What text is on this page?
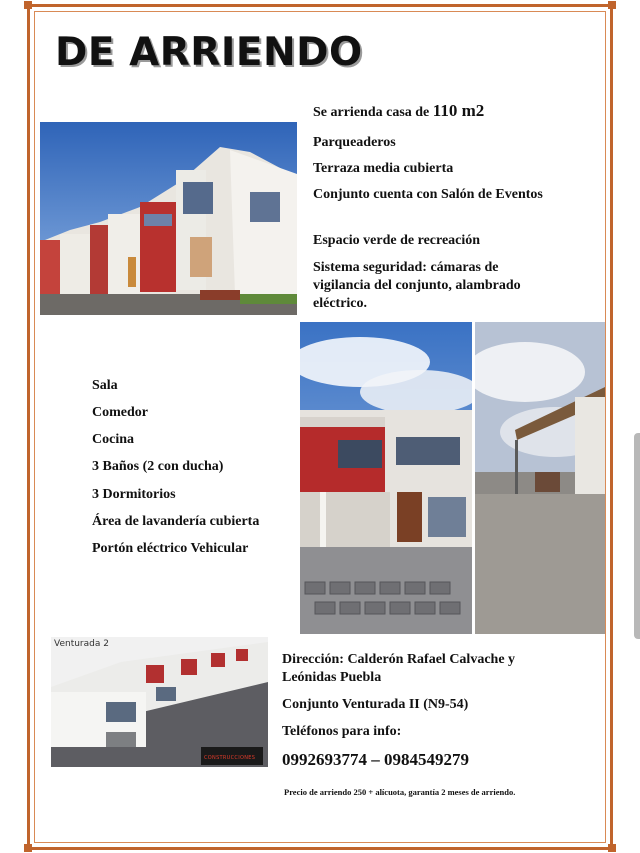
DE ARRIENDO

Se arrienda casa de 110 m2

Parqueaderos

Terraza media cubierta

Conjunto cuenta con Salón de Eventos

Espacio verde de recreación

Sistema seguridad: cámaras de vigilancia del conjunto, alambrado eléctrico.

Sala

Comedor

Cocina

3 Baños (2 con ducha)

3 Dormitorios

Área de lavandería cubierta

Portón eléctrico Vehicular

Venturada 2
CONSTRUCCIONES

Dirección: Calderón Rafael Calvache y Leónidas Puebla

Conjunto Venturada II (N9-54)

Teléfonos para info:

0992693774 – 0984549279

Precio de arriendo 250 + alícuota, garantía 2 meses de arriendo.
